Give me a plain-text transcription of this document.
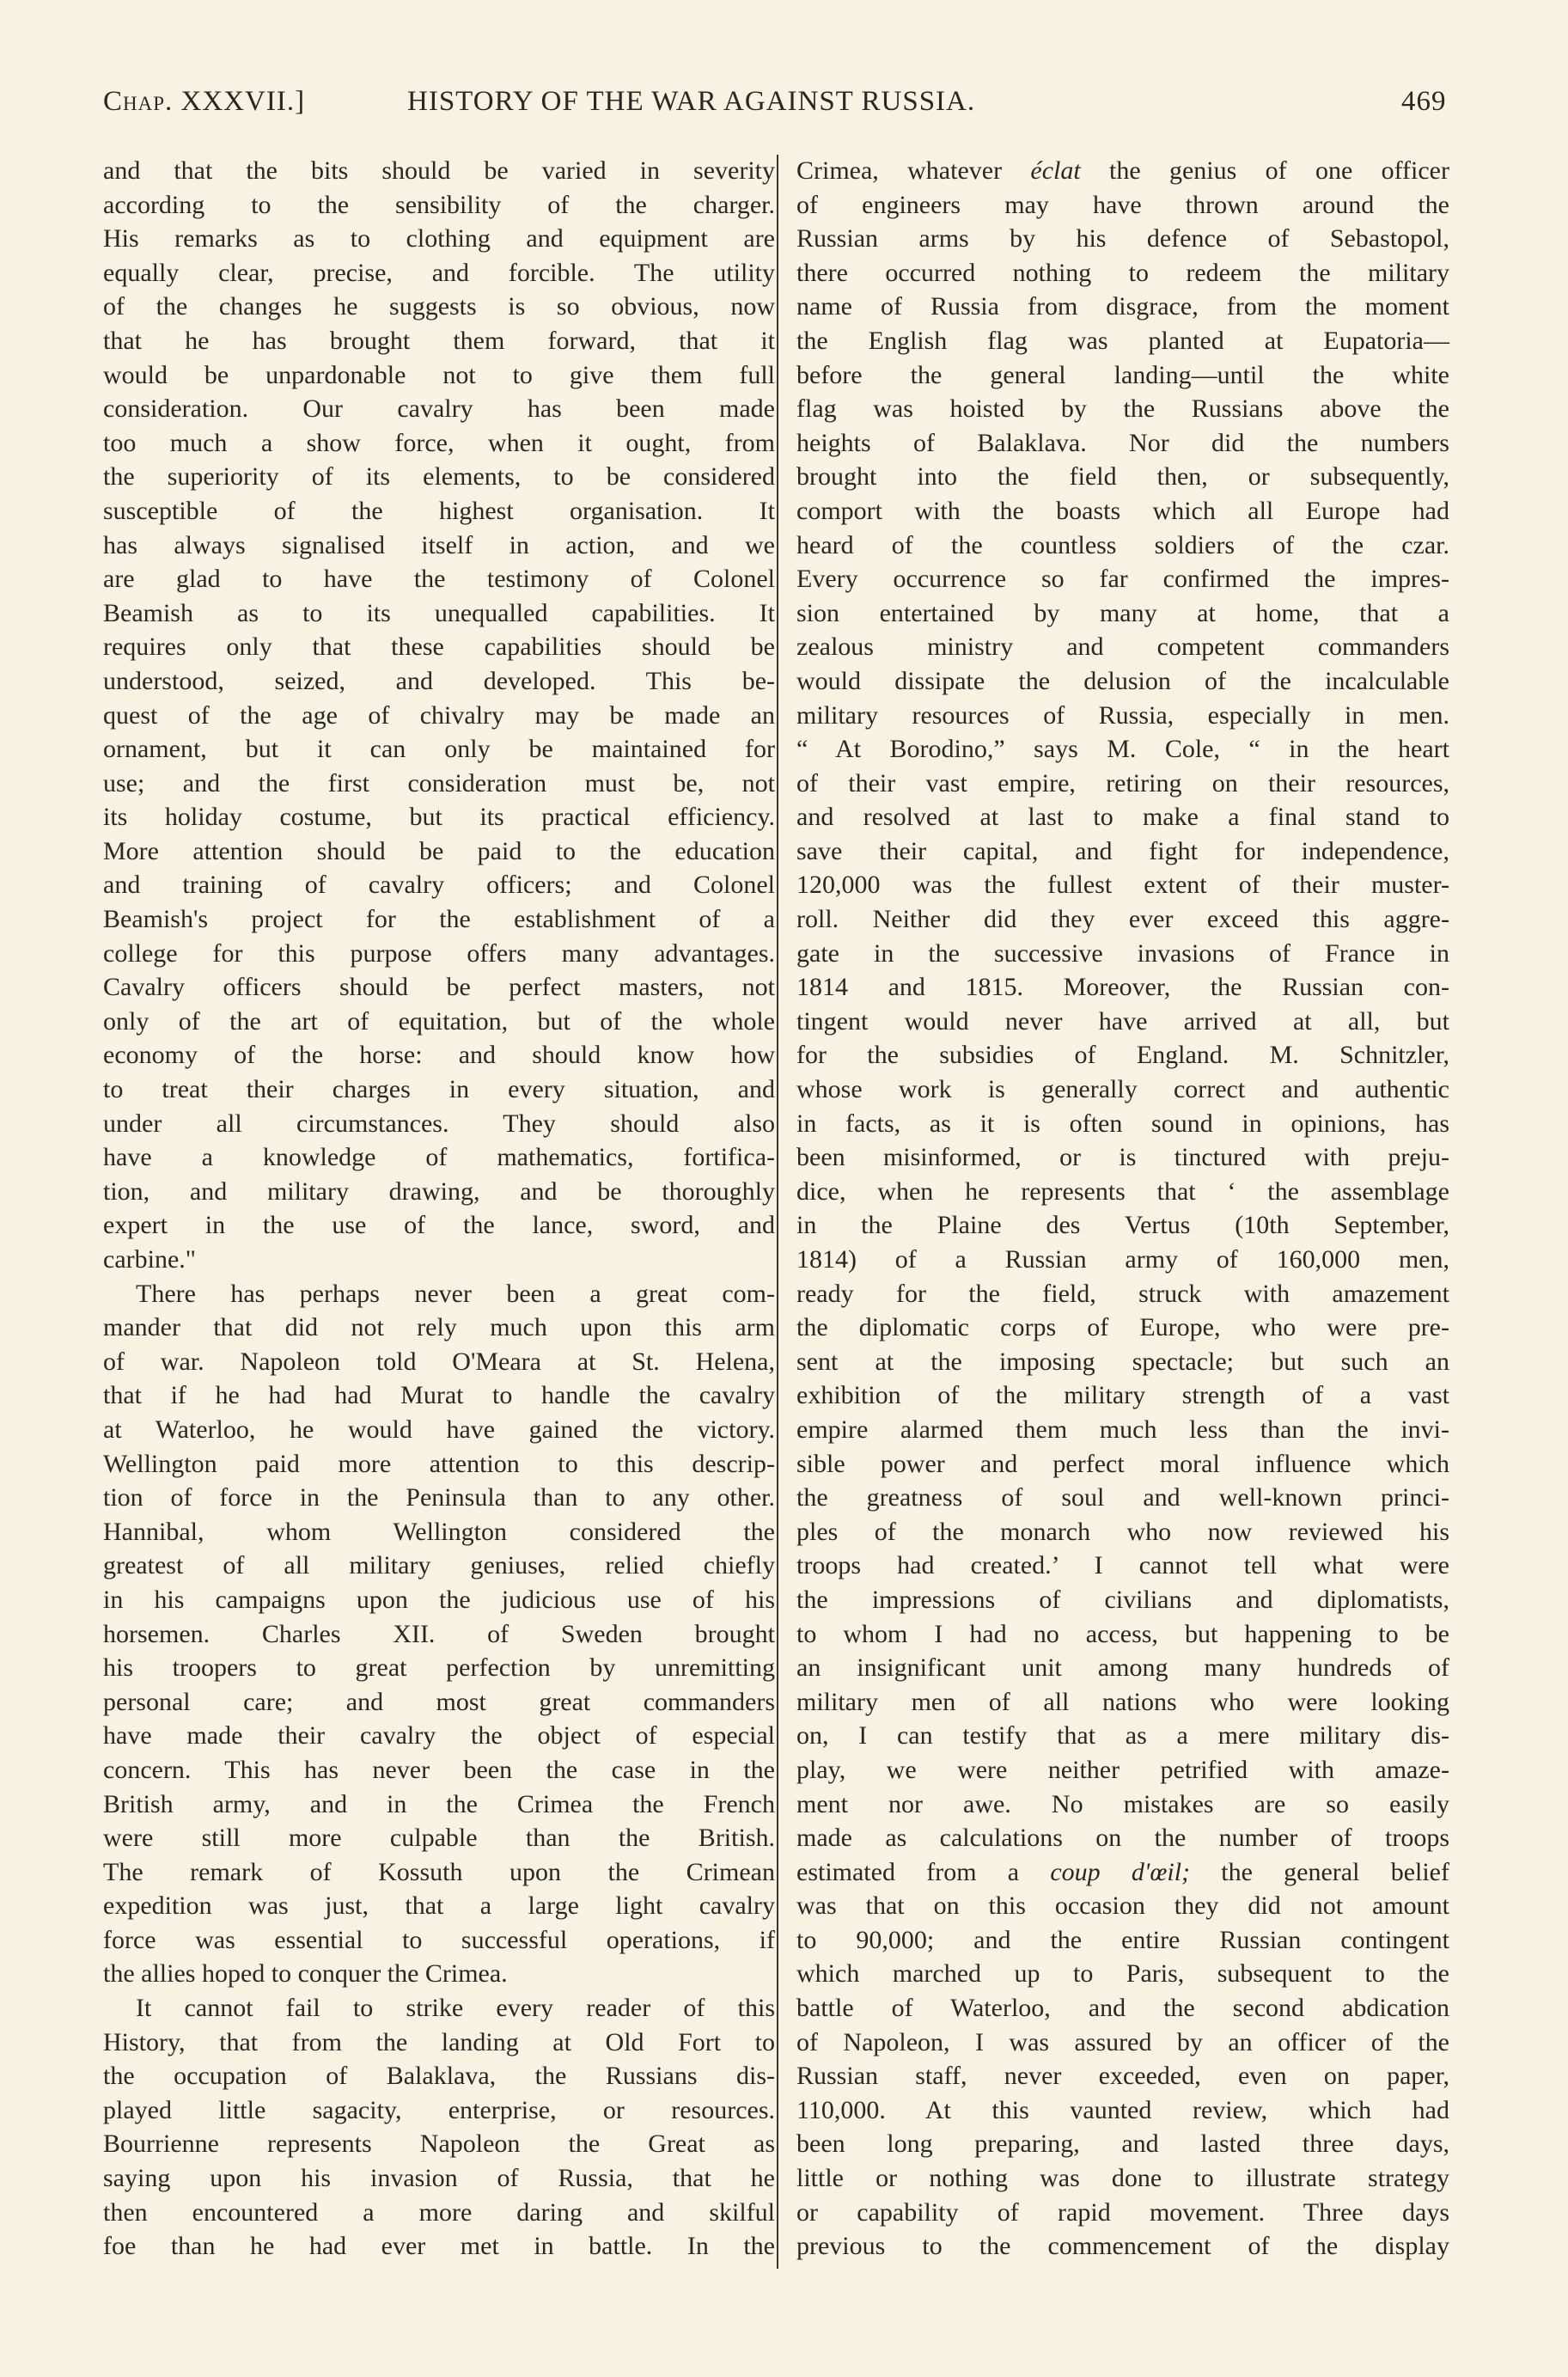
Chap. XXXVII.]	HISTORY OF THE WAR AGAINST RUSSIA.	469
and that the bits should be varied in severity
according to the sensibility of the charger.
His remarks as to clothing and equipment are
equally clear, precise, and forcible. The utility
of the changes he suggests is so obvious, now
that he has brought them forward, that it
would be unpardonable not to give them full
consideration. Our cavalry has been made
too much a show force, when it ought, from
the superiority of its elements, to be considered
susceptible of the highest organisation. It
has always signalised itself in action, and we
are glad to have the testimony of Colonel
Beamish as to its unequalled capabilities. It
requires only that these capabilities should be
understood, seized, and developed. This be-
quest of the age of chivalry may be made an
ornament, but it can only be maintained for
use; and the first consideration must be, not
its holiday costume, but its practical efficiency.
More attention should be paid to the education
and training of cavalry officers; and Colonel
Beamish's project for the establishment of a
college for this purpose offers many advantages.
Cavalry officers should be perfect masters, not
only of the art of equitation, but of the whole
economy of the horse: and should know how
to treat their charges in every situation, and
under all circumstances. They should also
have a knowledge of mathematics, fortifica-
tion, and military drawing, and be thoroughly
expert in the use of the lance, sword, and
carbine."
There has perhaps never been a great com-
mander that did not rely much upon this arm
of war. Napoleon told O'Meara at St. Helena,
that if he had had Murat to handle the cavalry
at Waterloo, he would have gained the victory.
Wellington paid more attention to this descrip-
tion of force in the Peninsula than to any other.
Hannibal, whom Wellington considered the
greatest of all military geniuses, relied chiefly
in his campaigns upon the judicious use of his
horsemen. Charles XII. of Sweden brought
his troopers to great perfection by unremitting
personal care; and most great commanders
have made their cavalry the object of especial
concern. This has never been the case in the
British army, and in the Crimea the French
were still more culpable than the British.
The remark of Kossuth upon the Crimean
expedition was just, that a large light cavalry
force was essential to successful operations, if
the allies hoped to conquer the Crimea.
It cannot fail to strike every reader of this
History, that from the landing at Old Fort to
the occupation of Balaklava, the Russians dis-
played little sagacity, enterprise, or resources.
Bourrienne represents Napoleon the Great as
saying upon his invasion of Russia, that he
then encountered a more daring and skilful
foe than he had ever met in battle. In the
Crimea, whatever éclat the genius of one officer
of engineers may have thrown around the
Russian arms by his defence of Sebastopol,
there occurred nothing to redeem the military
name of Russia from disgrace, from the moment
the English flag was planted at Eupatoria—
before the general landing—until the white
flag was hoisted by the Russians above the
heights of Balaklava. Nor did the numbers
brought into the field then, or subsequently,
comport with the boasts which all Europe had
heard of the countless soldiers of the czar.
Every occurrence so far confirmed the impres-
sion entertained by many at home, that a
zealous ministry and competent commanders
would dissipate the delusion of the incalculable
military resources of Russia, especially in men.
“ At Borodino,” says M. Cole, “ in the heart
of their vast empire, retiring on their resources,
and resolved at last to make a final stand to
save their capital, and fight for independence,
120,000 was the fullest extent of their muster-
roll. Neither did they ever exceed this aggre-
gate in the successive invasions of France in
1814 and 1815. Moreover, the Russian con-
tingent would never have arrived at all, but
for the subsidies of England. M. Schnitzler,
whose work is generally correct and authentic
in facts, as it is often sound in opinions, has
been misinformed, or is tinctured with preju-
dice, when he represents that ‘ the assemblage
in the Plaine des Vertus (10th September,
1814) of a Russian army of 160,000 men,
ready for the field, struck with amazement
the diplomatic corps of Europe, who were pre-
sent at the imposing spectacle; but such an
exhibition of the military strength of a vast
empire alarmed them much less than the invi-
sible power and perfect moral influence which
the greatness of soul and well-known princi-
ples of the monarch who now reviewed his
troops had created.’ I cannot tell what were
the impressions of civilians and diplomatists,
to whom I had no access, but happening to be
an insignificant unit among many hundreds of
military men of all nations who were looking
on, I can testify that as a mere military dis-
play, we were neither petrified with amaze-
ment nor awe. No mistakes are so easily
made as calculations on the number of troops
estimated from a coup d'œil; the general belief
was that on this occasion they did not amount
to 90,000; and the entire Russian contingent
which marched up to Paris, subsequent to the
battle of Waterloo, and the second abdication
of Napoleon, I was assured by an officer of the
Russian staff, never exceeded, even on paper,
110,000. At this vaunted review, which had
been long preparing, and lasted three days,
little or nothing was done to illustrate strategy
or capability of rapid movement. Three days
previous to the commencement of the display
